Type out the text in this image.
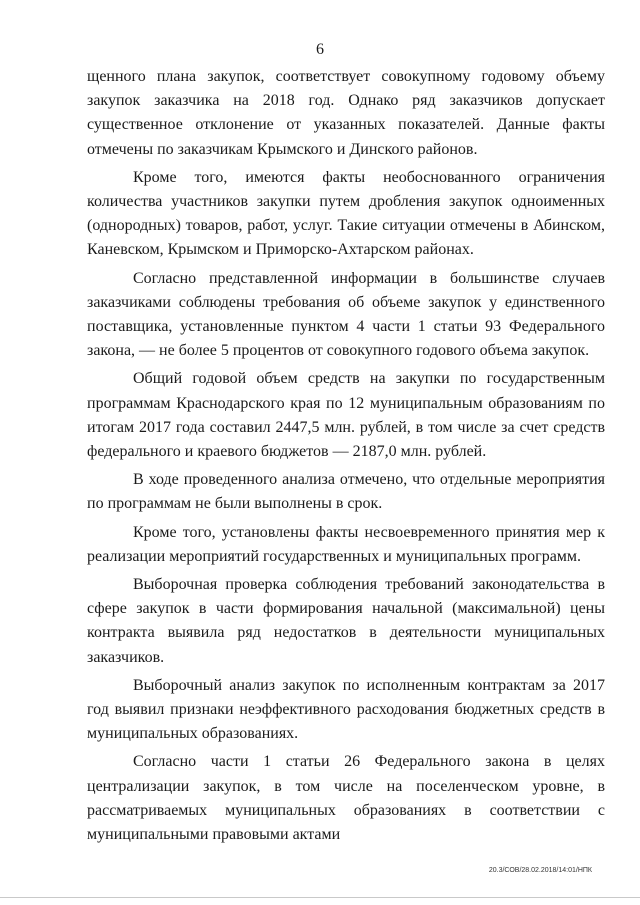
6

щенного плана закупок, соответствует совокупному годовому объему закупок заказчика на 2018 год. Однако ряд заказчиков допускает существенное отклонение от указанных показателей. Данные факты отмечены по заказчикам Крымского и Динского районов.

Кроме того, имеются факты необоснованного ограничения количества участников закупки путем дробления закупок одноименных (однородных) товаров, работ, услуг. Такие ситуации отмечены в Абинском, Каневском, Крымском и Приморско-Ахтарском районах.

Согласно представленной информации в большинстве случаев заказчиками соблюдены требования об объеме закупок у единственного поставщика, установленные пунктом 4 части 1 статьи 93 Федерального закона, — не более 5 процентов от совокупного годового объема закупок.

Общий годовой объем средств на закупки по государственным программам Краснодарского края по 12 муниципальным образованиям по итогам 2017 года составил 2447,5 млн. рублей, в том числе за счет средств федерального и краевого бюджетов — 2187,0 млн. рублей.

В ходе проведенного анализа отмечено, что отдельные мероприятия по программам не были выполнены в срок.

Кроме того, установлены факты несвоевременного принятия мер к реализации мероприятий государственных и муниципальных программ.

Выборочная проверка соблюдения требований законодательства в сфере закупок в части формирования начальной (максимальной) цены контракта выявила ряд недостатков в деятельности муниципальных заказчиков.

Выборочный анализ закупок по исполненным контрактам за 2017 год выявил признаки неэффективного расходования бюджетных средств в муниципальных образованиях.

Согласно части 1 статьи 26 Федерального закона в целях централизации закупок, в том числе на поселенческом уровне, в рассматриваемых муниципальных образованиях в соответствии с муниципальными правовыми актами

20.3/СОВ/28.02.2018/14:01/НПК
